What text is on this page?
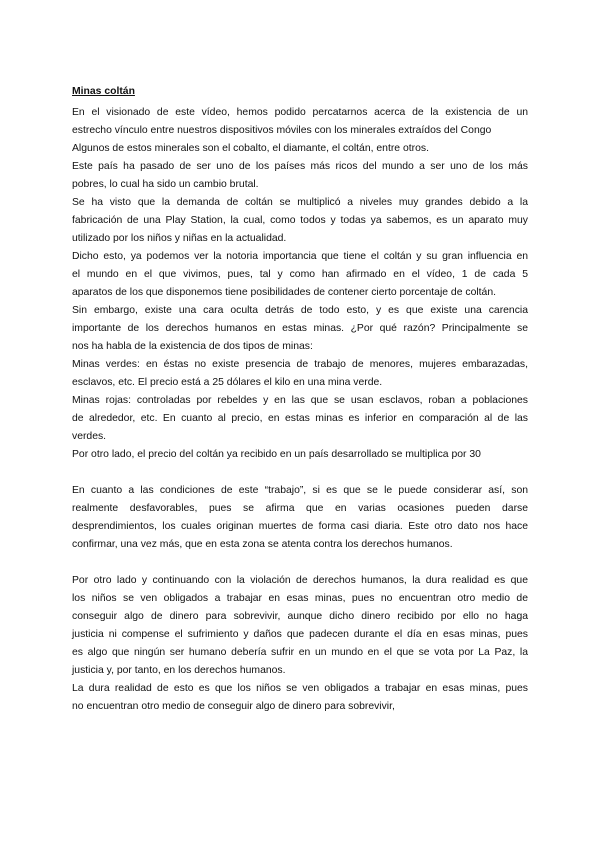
Minas coltán

En el visionado de este vídeo, hemos podido percatarnos acerca de la existencia de un

estrecho vínculo entre nuestros dispositivos móviles con los minerales extraídos del Congo

Algunos de estos minerales son el cobalto, el diamante, el coltán, entre otros.

Este país ha pasado de ser uno de los países más ricos del mundo a ser uno de los más

pobres, lo cual ha sido un cambio brutal.

Se ha visto que la demanda de coltán se multiplicó a niveles muy grandes debido a la

fabricación de una Play Station, la cual, como todos y todas ya sabemos, es un aparato muy

utilizado por los niños y niñas en la actualidad.

Dicho esto, ya podemos ver la notoria importancia que tiene el coltán y su gran influencia en

el mundo en el que vivimos, pues, tal y como han afirmado en el vídeo, 1 de cada 5

aparatos de los que disponemos tiene posibilidades de contener cierto porcentaje de coltán.

Sin embargo, existe una cara oculta detrás de todo esto, y es que existe una carencia

importante de los derechos humanos en estas minas. ¿Por qué razón? Principalmente se

nos ha habla de la existencia de dos tipos de minas:

Minas verdes: en éstas no existe presencia de trabajo de menores, mujeres embarazadas,

esclavos, etc. El precio está a 25 dólares el kilo en una mina verde.

Minas rojas: controladas por rebeldes y en las que se usan esclavos, roban a poblaciones

de alrededor, etc. En cuanto al precio, en estas minas es inferior en comparación al de las

verdes.

Por otro lado, el precio del coltán ya recibido en un país desarrollado se multiplica por 30

En cuanto a las condiciones de este “trabajo”, si es que se le puede considerar así, son

realmente desfavorables, pues se afirma que en varias ocasiones pueden darse

desprendimientos, los cuales originan muertes de forma casi diaria. Este otro dato nos hace

confirmar, una vez más, que en esta zona se atenta contra los derechos humanos.

Por otro lado y continuando con la violación de derechos humanos, la dura realidad es que

los niños se ven obligados a trabajar en esas minas, pues no encuentran otro medio de

conseguir algo de dinero para sobrevivir, aunque dicho dinero recibido por ello no haga

justicia ni compense el sufrimiento y daños que padecen durante el día en esas minas, pues

es algo que ningún ser humano debería sufrir en un mundo en el que se vota por La Paz, la

justicia y, por tanto, en los derechos humanos.

La dura realidad de esto es que los niños se ven obligados a trabajar en esas minas, pues

no encuentran otro medio de conseguir algo de dinero para sobrevivir,
